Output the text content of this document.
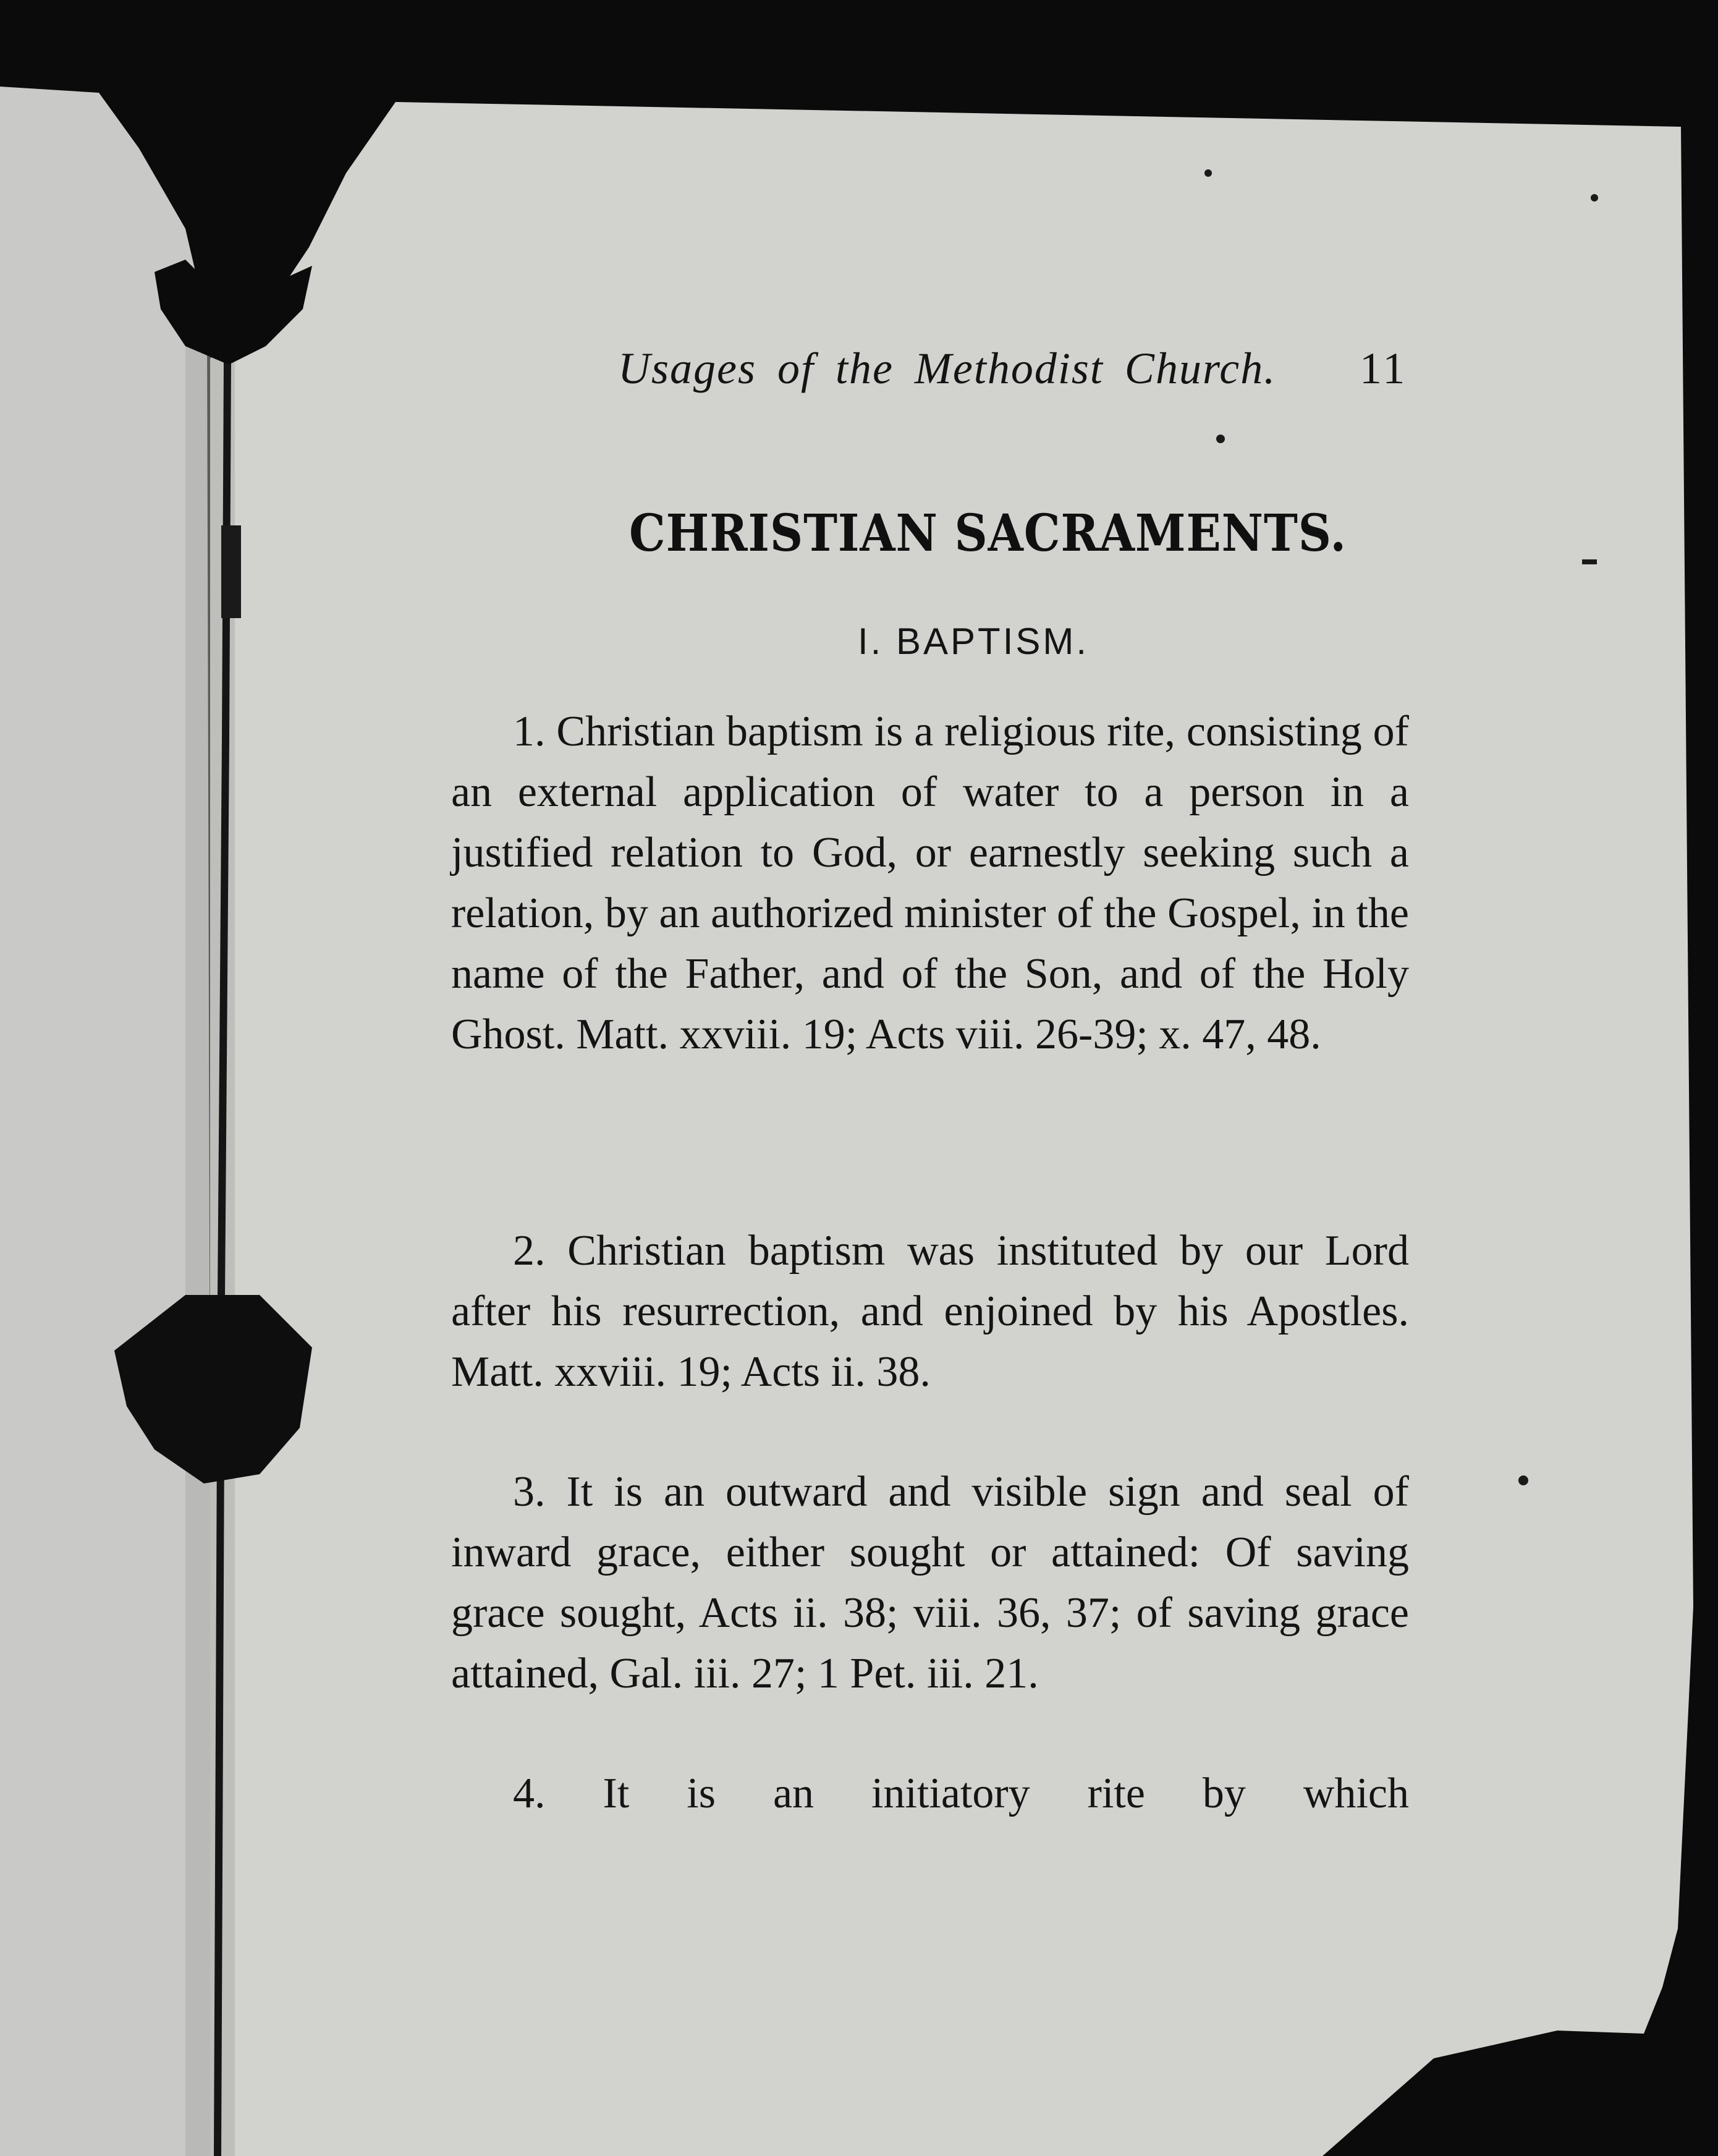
Usages of the Methodist Church. 11
CHRISTIAN SACRAMENTS.
I. BAPTISM.

1. Christian baptism is a religious rite, consisting of an external application of water to a person in a justified relation to God, or earnestly seeking such a relation, by an authorized minister of the Gospel, in the name of the Father, and of the Son, and of the Holy Ghost. Matt. xxviii. 19; Acts viii. 26-39; x. 47, 48.

2. Christian baptism was instituted by our Lord after his resurrection, and enjoined by his Apostles. Matt. xxviii. 19; Acts ii. 38.

3. It is an outward and visible sign and seal of inward grace, either sought or attained: Of saving grace sought, Acts ii. 38; viii. 36, 37; of saving grace attained, Gal. iii. 27; 1 Pet. iii. 21.

4. It is an initiatory rite by which
